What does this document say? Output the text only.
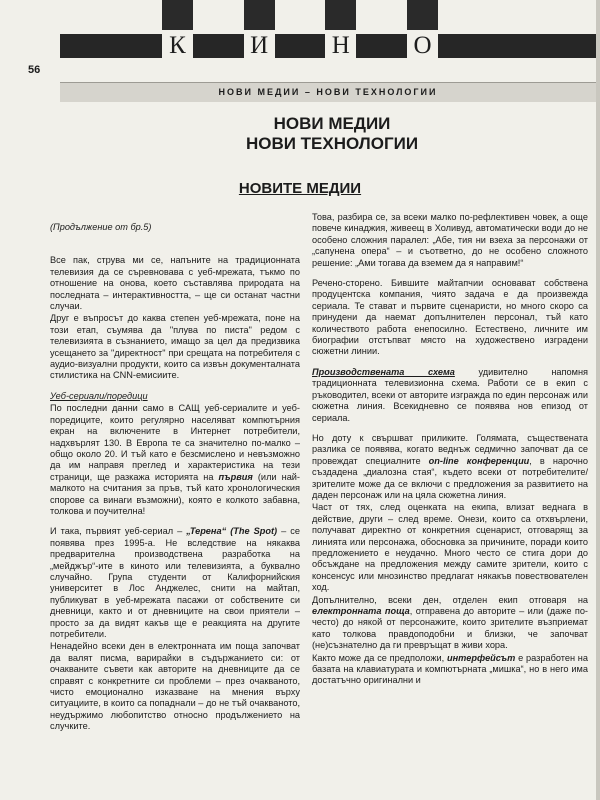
К	И	Н	О
56
НОВИ МЕДИИ – НОВИ ТЕХНОЛОГИИ
НОВИ МЕДИИ
НОВИ ТЕХНОЛОГИИ
НОВИТЕ МЕДИИ

(Продължение от бр.5)

Все пак, струва ми се, напъните на традиционната телевизия да се съревновава с уеб-мрежата, тъкмо по отношение на онова, което съставлява природата на последната – интерактивността, – ще си останат частни случаи.

Друг е въпросът до каква степен уеб-мрежата, поне на този етап, съумява да "плува по писта" редом с телевизията в съзнанието, имащо за цел да предизвика усещането за "директност" при срещата на потребителя с аудио-визуални продукти, които са извън документалната стилистика на CNN-емисиите.

Уеб-сериали/поредици

По последни данни само в САЩ уеб-сериалите и уеб-поредиците, които регулярно населяват компютърния екран на включените в Интернет потребители, надхвърлят 130. В Европа те са значително по-малко – общо около 20. И тъй като е безсмислено и невъзможно да им направя преглед и характеристика на тези страници, ще разкажа историята на първия (или най-малкото на считания за пръв, тъй като хронологическия спорове са винаги възможни), която е колкото забавна, толкова и поучителна!

И така, първият уеб-сериал – „Терена“ (The Spot) – се появява през 1995-а. Не вследствие на някаква предварителна производствена разработка на „мейджър“-ите в киното или телевизията, а буквално случайно. Група студенти от Калифорнийския университет в Лос Анджелес, снити на майтап, публикуват в уеб-мрежата пасажи от собствените си дневници, както и от дневниците на свои приятели – просто за да видят какъв ще е реакцията на другите потребители.

Ненадейно всеки ден в електронната им поща започват да валят писма, варирайки в съдържанието си: от очакваните съвети как авторите на дневниците да се справят с конкретните си проблеми – през очакваното, чисто емоционално изказване на мнения върху ситуациите, в които са попаднали – до не тъй очакваното, неудържимо любопитство относно продължението на случките.

Това, разбира се, за всеки малко по-рефлективен човек, а още повече кинаджия, живеещ в Холивуд, автоматически води до не особено сложния паралел: „Абе, тия ни взеха за персонажи от „сапунена опера“ – и съответно, до не особено сложното решение: „Ами тогава да вземем да я направим!“

Речено-сторено. Бившите майтапчии основават собствена продуцентска компания, чиято задача е да произвежда сериала. Те стават и първите сценаристи, но много скоро са принудени да наемат допълнителен персонал, тъй като количеството работа енепосилно. Естествено, личните им биографии отстъпват място на художествено изградени сюжетни линии.

Производствената схема удивително напомня традиционната телевизионна схема. Работи се в екип с ръководител, всеки от авторите изгражда по един персонаж или сюжетна линия. Всекидневно се появява нов епизод от сериала.

Но доту к свършват приликите. Голямата, съществената разлика се появява, когато веднъж седмично започват да се провеждат специалните on-line конференции, в нарочно създадена „диалозна стая“, където всеки от потребителите/зрителите може да се включи с предложения за развитието на даден персонаж или на цяла сюжетна линия.

Част от тях, след оценката на екипа, влизат веднага в действие, други – след време. Онези, които са отхвърлени, получават директно от конкретния сценарист, отговарящ за линията или персонажа, обосновка за причините, поради които предложението е неудачно. Много често се стига дори до обсъждане на предложения между самите зрители, които с консенсус или мнозинство предлагат някакъв повествователен ход.

Допълнително, всеки ден, отделен екип отговаря на електронната поща, отправена до авторите – или (даже по-често) до някой от персонажите, които зрителите възприемат като толкова правдоподобни и близки, че започват (не)съзнателно да ги превръщат в живи хора.

Както може да се предположи, интерфейсът е разработен на базата на клавиатурата и компютърната „мишка“, но в него има достатъчно оригинални и
